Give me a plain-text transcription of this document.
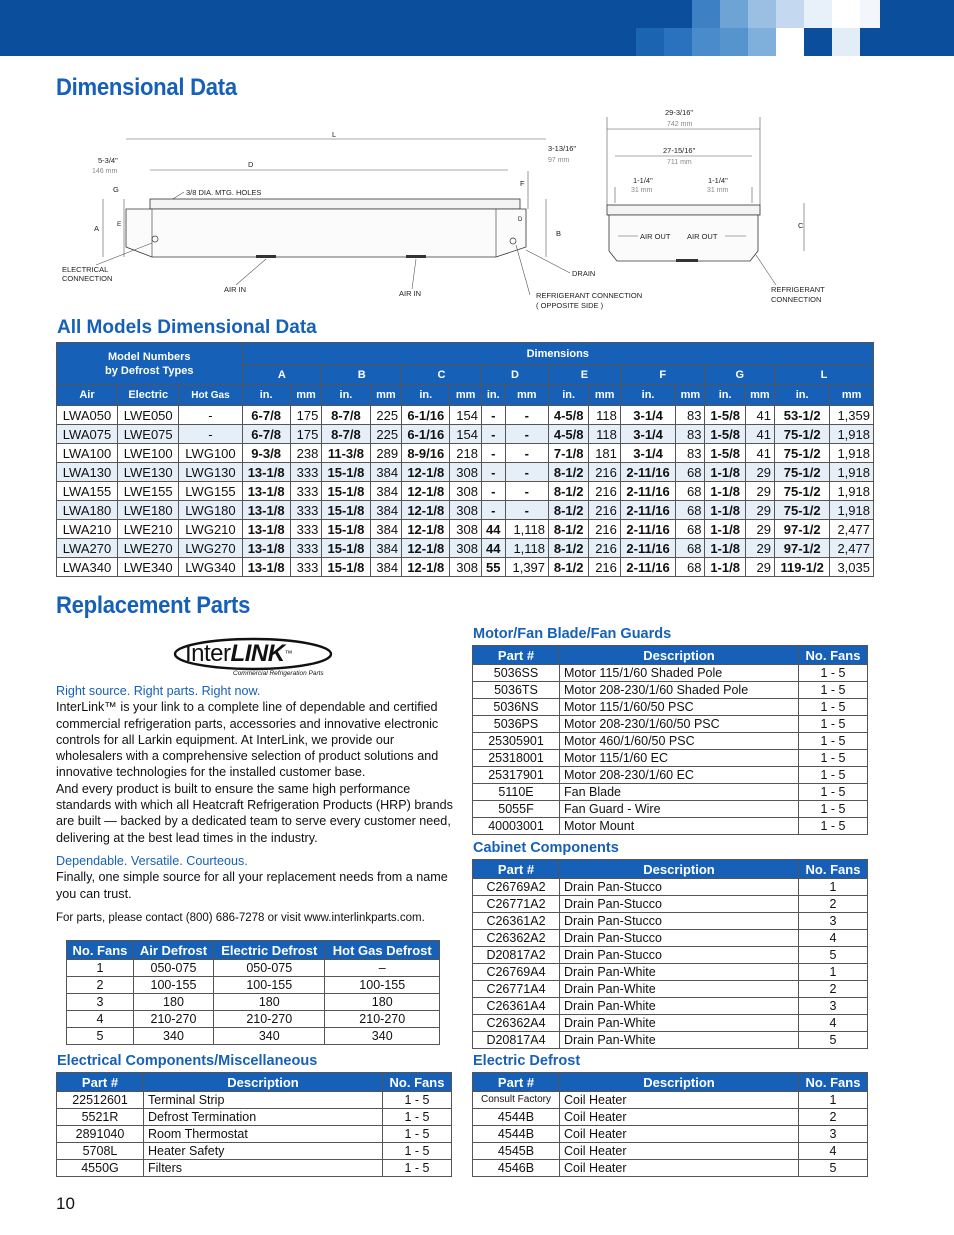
Dimensional Data
L
D
5-3/4"
146 mm
G	3/8 DIA. MTG. HOLES
E
A
D
3-13/16"
97 mm
F
B
ELECTRICAL
CONNECTION
AIR IN	AIR IN
DRAIN
REFRIGERANT CONNECTION
( OPPOSITE SIDE )
29-3/16"
742 mm
27-15/16"
711 mm
1-1/4"
31 mm
1-1/4"
31 mm
AIR OUT AIR OUT
C
REFRIGERANT
CONNECTION
All Models Dimensional Data
Model Numbers
by Defrost Types			Dimensions															
			A		B		C		D		E		F		G		L	
Air	Electric	Hot Gas	in.	mm	in.	mm	in.	mm	in.	mm	in.	mm	in.	mm	in.	mm	in.	mm
LWA050	LWE050	-	6-7/8	175	8-7/8	225	6-1/16	154	-	-	4-5/8	118	3-1/4	83	1-5/8	41	53-1/2	1,359
LWA075	LWE075	-	6-7/8	175	8-7/8	225	6-1/16	154	-	-	4-5/8	118	3-1/4	83	1-5/8	41	75-1/2	1,918
LWA100	LWE100	LWG100	9-3/8	238	11-3/8	289	8-9/16	218	-	-	7-1/8	181	3-1/4	83	1-5/8	41	75-1/2	1,918
LWA130	LWE130	LWG130	13-1/8	333	15-1/8	384	12-1/8	308	-	-	8-1/2	216	2-11/16	68	1-1/8	29	75-1/2	1,918
LWA155	LWE155	LWG155	13-1/8	333	15-1/8	384	12-1/8	308	-	-	8-1/2	216	2-11/16	68	1-1/8	29	75-1/2	1,918
LWA180	LWE180	LWG180	13-1/8	333	15-1/8	384	12-1/8	308	-	-	8-1/2	216	2-11/16	68	1-1/8	29	75-1/2	1,918
LWA210	LWE210	LWG210	13-1/8	333	15-1/8	384	12-1/8	308	44	1,118	8-1/2	216	2-11/16	68	1-1/8	29	97-1/2	2,477
LWA270	LWE270	LWG270	13-1/8	333	15-1/8	384	12-1/8	308	44	1,118	8-1/2	216	2-11/16	68	1-1/8	29	97-1/2	2,477
LWA340	LWE340	LWG340	13-1/8	333	15-1/8	384	12-1/8	308	55	1,397	8-1/2	216	2-11/16	68	1-1/8	29	119-1/2	3,035
Replacement Parts
InterLINK™
Commercial Refrigeration Parts
Right source. Right parts. Right now.
InterLink™ is your link to a complete line of dependable and certified commercial refrigeration parts, accessories and innovative electronic controls for all Larkin equipment. At InterLink, we provide our wholesalers with a comprehensive selection of product solutions and innovative technologies for the installed customer base.
And every product is built to ensure the same high performance standards with which all Heatcraft Refrigeration Products (HRP) brands are built — backed by a dedicated team to serve every customer need, delivering at the best lead times in the industry.
Dependable. Versatile. Courteous.
Finally, one simple source for all your replacement needs from a name you can trust.
For parts, please contact (800) 686-7278 or visit www.interlinkparts.com.
No. Fans	Air Defrost	Electric Defrost	Hot Gas Defrost
1	050-075	050-075	–
2	100-155	100-155	100-155
3	180	180	180
4	210-270	210-270	210-270
5	340	340	340
Motor/Fan Blade/Fan Guards
Part #	Description	No. Fans
5036SS	Motor 115/1/60 Shaded Pole	1 - 5
5036TS	Motor 208-230/1/60 Shaded Pole	1 - 5
5036NS	Motor 115/1/60/50 PSC	1 - 5
5036PS	Motor 208-230/1/60/50 PSC	1 - 5
25305901	Motor 460/1/60/50 PSC	1 - 5
25318001	Motor 115/1/60 EC	1 - 5
25317901	Motor 208-230/1/60 EC	1 - 5
5110E	Fan Blade	1 - 5
5055F	Fan Guard - Wire	1 - 5
40003001	Motor Mount	1 - 5
Cabinet Components
Part #	Description	No. Fans
C26769A2	Drain Pan-Stucco	1
C26771A2	Drain Pan-Stucco	2
C26361A2	Drain Pan-Stucco	3
C26362A2	Drain Pan-Stucco	4
D20817A2	Drain Pan-Stucco	5
C26769A4	Drain Pan-White	1
C26771A4	Drain Pan-White	2
C26361A4	Drain Pan-White	3
C26362A4	Drain Pan-White	4
D20817A4	Drain Pan-White	5
Electrical Components/Miscellaneous
Part #	Description	No. Fans
22512601	Terminal Strip	1 - 5
5521R	Defrost Termination	1 - 5
2891040	Room Thermostat	1 - 5
5708L	Heater Safety	1 - 5
4550G	Filters	1 - 5
Electric Defrost
Part #	Description	No. Fans
Consult Factory	Coil Heater	1
4544B	Coil Heater	2
4544B	Coil Heater	3
4545B	Coil Heater	4
4546B	Coil Heater	5
10
